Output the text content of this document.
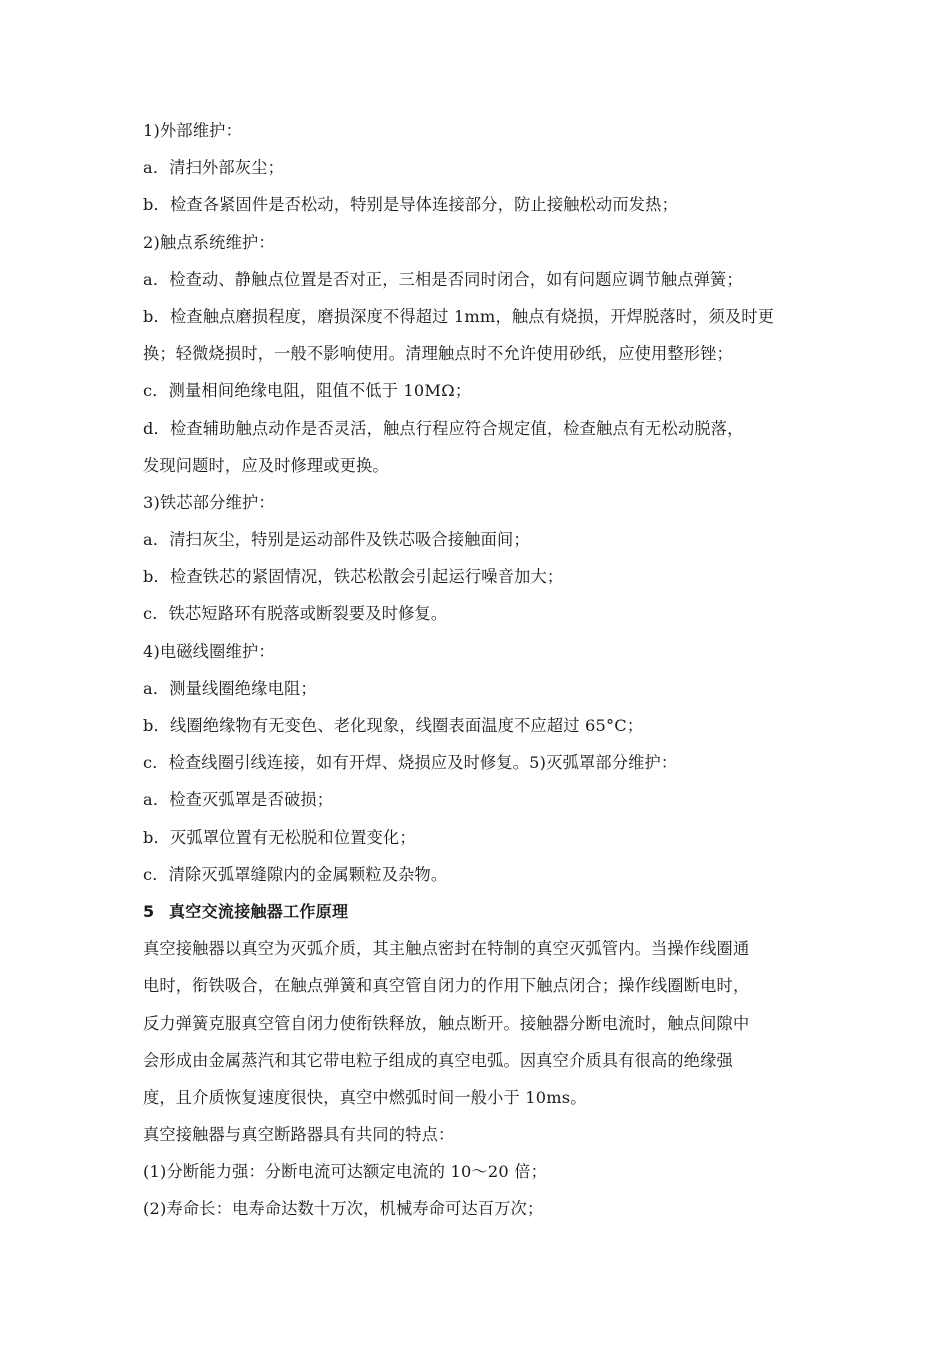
1)外部维护：
a．清扫外部灰尘；
b．检查各紧固件是否松动，特别是导体连接部分，防止接触松动而发热；
2)触点系统维护：
a．检查动、静触点位置是否对正，三相是否同时闭合，如有问题应调节触点弹簧；
b．检查触点磨损程度，磨损深度不得超过 1mm，触点有烧损，开焊脱落时，须及时更
换；轻微烧损时，一般不影响使用。清理触点时不允许使用砂纸，应使用整形锉；
c．测量相间绝缘电阻，阻值不低于 10MΩ；
d．检查辅助触点动作是否灵活，触点行程应符合规定值，检查触点有无松动脱落，
发现问题时，应及时修理或更换。
3)铁芯部分维护：
a．清扫灰尘，特别是运动部件及铁芯吸合接触面间；
b．检查铁芯的紧固情况，铁芯松散会引起运行噪音加大；
c．铁芯短路环有脱落或断裂要及时修复。
4)电磁线圈维护：
a．测量线圈绝缘电阻；
b．线圈绝缘物有无变色、老化现象，线圈表面温度不应超过 65°C；
c．检查线圈引线连接，如有开焊、烧损应及时修复。5)灭弧罩部分维护：
a．检查灭弧罩是否破损；
b．灭弧罩位置有无松脱和位置变化；
c．清除灭弧罩缝隙内的金属颗粒及杂物。
5 真空交流接触器工作原理
真空接触器以真空为灭弧介质，其主触点密封在特制的真空灭弧管内。当操作线圈通
电时，衔铁吸合，在触点弹簧和真空管自闭力的作用下触点闭合；操作线圈断电时，
反力弹簧克服真空管自闭力使衔铁释放，触点断开。接触器分断电流时，触点间隙中
会形成由金属蒸汽和其它带电粒子组成的真空电弧。因真空介质具有很高的绝缘强
度，且介质恢复速度很快，真空中燃弧时间一般小于 10ms。
真空接触器与真空断路器具有共同的特点：
(1)分断能力强：分断电流可达额定电流的 10～20 倍；
(2)寿命长：电寿命达数十万次，机械寿命可达百万次；
